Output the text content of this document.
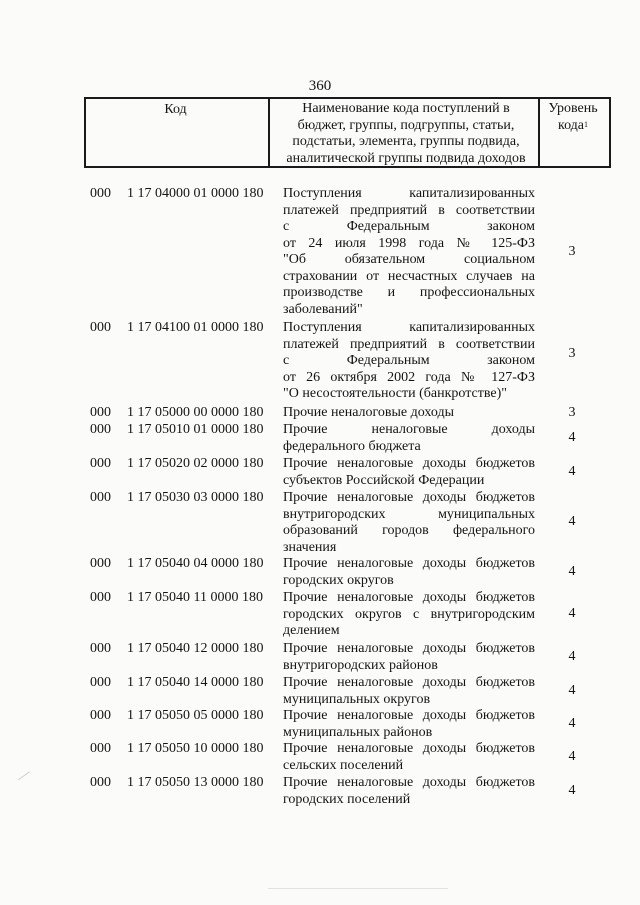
360
Код	Наименование кода поступлений в
бюджет, группы, подгруппы, статьи,
подстатьи, элемента, группы подвида,
аналитической группы подвида доходов
Уровень
кода$^1$
000 1 17 04000 01 0000 180
3
Поступления капитализированных
платежей предприятий в соответствии
с Федеральным законом
от 24 июля 1998 года № 125-ФЗ
"Об обязательном социальном
страховании от несчастных случаев на
производстве и профессиональных
заболеваний"
000 1 17 04100 01 0000 180
3
Поступления капитализированных
платежей предприятий в соответствии
с Федеральным законом
от 26 октября 2002 года № 127-ФЗ
"О несостоятельности (банкротстве)"
000 1 17 05000 00 0000 180	3
Прочие неналоговые доходы
000 1 17 05010 01 0000 180
4
Прочие неналоговые доходы
федерального бюджета
000 1 17 05020 02 0000 180
4
Прочие неналоговые доходы бюджетов
субъектов Российской Федерации
000 1 17 05030 03 0000 180
4
Прочие неналоговые доходы бюджетов
внутригородских муниципальных
образований городов федерального
значения
000 1 17 05040 04 0000 180
4
Прочие неналоговые доходы бюджетов
городских округов
000 1 17 05040 11 0000 180
4
Прочие неналоговые доходы бюджетов
городских округов с внутригородским
делением
000 1 17 05040 12 0000 180
4
Прочие неналоговые доходы бюджетов
внутригородских районов
000 1 17 05040 14 0000 180
4
Прочие неналоговые доходы бюджетов
муниципальных округов
000 1 17 05050 05 0000 180
4
Прочие неналоговые доходы бюджетов
муниципальных районов
000 1 17 05050 10 0000 180
4
Прочие неналоговые доходы бюджетов
сельских поселений
000 1 17 05050 13 0000 180
4
Прочие неналоговые доходы бюджетов
городских поселений
